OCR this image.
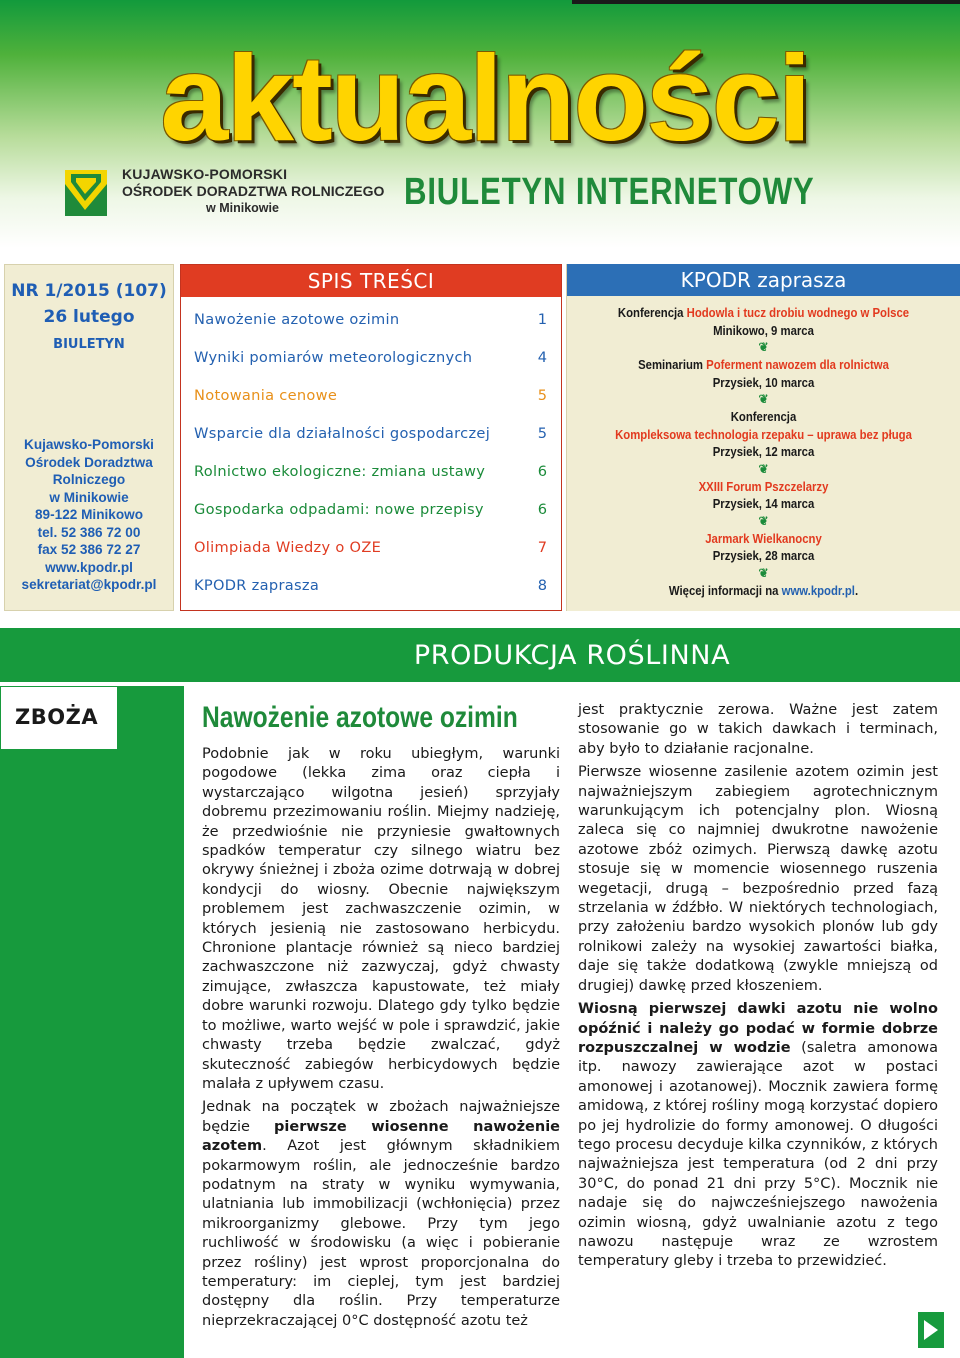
aktualności
KUJAWSKO-POMORSKI
OŚRODEK DORADZTWA ROLNICZEGO
w Minikowie	BIULETYN INTERNETOWY
NR 1/2015 (107)
26 lutego
BIULETYN
Kujawsko-Pomorski
Ośrodek Doradztwa
Rolniczego
w Minikowie
89-122 Minikowo
tel. 52 386 72 00
fax 52 386 72 27
www.kpodr.pl
sekretariat@kpodr.pl
SPIS TREŚCI
Nawożenie azotowe ozimin	1
Wyniki pomiarów meteorologicznych	4
Notowania cenowe	5
Wsparcie dla działalności gospodarczej	5
Rolnictwo ekologiczne: zmiana ustawy	6
Gospodarka odpadami: nowe przepisy	6
Olimpiada Wiedzy o OZE	7
KPODR zaprasza	8
KPODR zaprasza
Konferencja Hodowla i tucz drobiu wodnego w Polsce
Minikowo, 9 marca
❦
Seminarium Poferment nawozem dla rolnictwa
Przysiek, 10 marca
❦
Konferencja
Kompleksowa technologia rzepaku – uprawa bez pługa
Przysiek, 12 marca
❦
XXIII Forum Pszczelarzy
Przysiek, 14 marca
❦
Jarmark Wielkanocny
Przysiek, 28 marca
❦
Więcej informacji na www.kpodr.pl.
PRODUKCJA ROŚLINNA
ZBOŻA	Nawożenie azotowe ozimin

Podobnie jak w roku ubiegłym, warunki pogodowe (lekka zima oraz ciepła i wystarczająco wilgotna jesień) sprzyjały dobremu przezimowaniu roślin. Miejmy nadzieję, że przedwiośnie nie przyniesie gwałtownych spadków temperatur czy silnego wiatru bez okrywy śnieżnej i zboża ozime dotrwają w dobrej kondycji do wiosny. Obecnie największym problemem jest zachwaszczenie ozimin, w których jesienią nie zastosowano herbicydu. Chronione plantacje również są nieco bardziej zachwaszczone niż zazwyczaj, gdyż chwasty zimujące, zwłaszcza kapustowate, też miały dobre warunki rozwoju. Dlatego gdy tylko będzie to możliwe, warto wejść w pole i sprawdzić, jakie chwasty trzeba będzie zwalczać, gdyż skuteczność zabiegów herbicydowych będzie malała z upływem czasu.

Jednak na początek w zbożach najważniejsze będzie pierwsze wiosenne nawożenie azotem. Azot jest głównym składnikiem pokarmowym roślin, ale jednocześnie bardzo podatnym na straty w wyniku wymywania, ulatniania lub immobilizacji (wchłonięcia) przez mikroorganizmy glebowe. Przy tym jego ruchliwość w środowisku (a więc i pobieranie przez rośliny) jest wprost proporcjonalna do temperatury: im cieplej, tym jest bardziej dostępny dla roślin. Przy temperaturze nieprzekraczającej 0°C dostępność azotu też

jest praktycznie zerowa. Ważne jest zatem stosowanie go w takich dawkach i terminach, aby było to działanie racjonalne.

Pierwsze wiosenne zasilenie azotem ozimin jest najważniejszym zabiegiem agrotechnicznym warunkującym ich potencjalny plon. Wiosną zaleca się co najmniej dwukrotne nawożenie azotowe zbóż ozimych. Pierwszą dawkę azotu stosuje się w momencie wiosennego ruszenia wegetacji, drugą – bezpośrednio przed fazą strzelania w źdźbło. W niektórych technologiach, przy założeniu bardzo wysokich plonów lub gdy rolnikowi zależy na wysokiej zawartości białka, daje się także dodatkową (zwykle mniejszą od drugiej) dawkę przed kłoszeniem.

Wiosną pierwszej dawki azotu nie wolno opóźnić i należy go podać w formie dobrze rozpuszczalnej w wodzie (saletra amonowa itp. nawozy zawierające azot w postaci amonowej i azotanowej). Mocznik zawiera formę amidową, z której rośliny mogą korzystać dopiero po jej hydrolizie do formy amonowej. O długości tego procesu decyduje kilka czynników, z których najważniejsza jest temperatura (od 2 dni przy 30°C, do ponad 21 dni przy 5°C). Mocznik nie nadaje się do najwcześniejszego nawożenia ozimin wiosną, gdyż uwalnianie azotu z tego nawozu następuje wraz ze wzrostem temperatury gleby i trzeba to przewidzieć.
